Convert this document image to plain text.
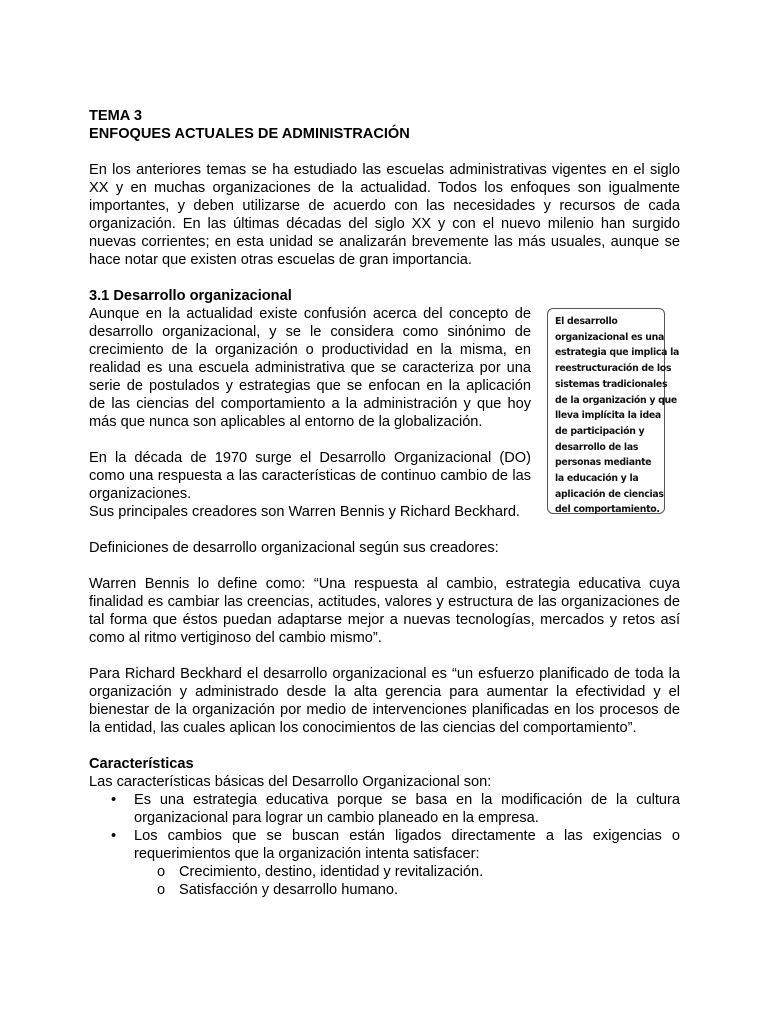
TEMA 3
ENFOQUES ACTUALES DE ADMINISTRACIÓN

En los anteriores temas se ha estudiado las escuelas administrativas vigentes en el siglo XX y en muchas organizaciones de la actualidad. Todos los enfoques son igualmente importantes, y deben utilizarse de acuerdo con las necesidades y recursos de cada organización. En las últimas décadas del siglo XX y con el nuevo milenio han surgido nuevas corrientes; en esta unidad se analizarán brevemente las más usuales, aunque se hace notar que existen otras escuelas de gran importancia.

3.1 Desarrollo organizacional

Aunque en la actualidad existe confusión acerca del concepto de desarrollo organizacional, y se le considera como sinónimo de crecimiento de la organización o productividad en la misma, en realidad es una escuela administrativa que se caracteriza por una serie de postulados y estrategias que se enfocan en la aplicación de las ciencias del comportamiento a la administración y que hoy más que nunca son aplicables al entorno de la globalización.

En la década de 1970 surge el Desarrollo Organizacional (DO) como una respuesta a las características de continuo cambio de las organizaciones.

Sus principales creadores son Warren Bennis y Richard Beckhard.

El desarrollo
organizacional es una
estrategia que implica la
reestructuración de los
sistemas tradicionales
de la organización y que
lleva implícita la idea
de participación y
desarrollo de las
personas mediante
la educación y la
aplicación de ciencias
del comportamiento.

Definiciones de desarrollo organizacional según sus creadores:

Warren Bennis lo define como: “Una respuesta al cambio, estrategia educativa cuya finalidad es cambiar las creencias, actitudes, valores y estructura de las organizaciones de tal forma que éstos puedan adaptarse mejor a nuevas tecnologías, mercados y retos así como al ritmo vertiginoso del cambio mismo”.

Para Richard Beckhard el desarrollo organizacional es “un esfuerzo planificado de toda la organización y administrado desde la alta gerencia para aumentar la efectividad y el bienestar de la organización por medio de intervenciones planificadas en los procesos de la entidad, las cuales aplican los conocimientos de las ciencias del comportamiento”.

Características
Las características básicas del Desarrollo Organizacional son:
• Es una estrategia educativa porque se basa en la modificación de la cultura organizacional para lograr un cambio planeado en la empresa.
• Los cambios que se buscan están ligados directamente a las exigencias o requerimientos que la organización intenta satisfacer:
o Crecimiento, destino, identidad y revitalización.
o Satisfacción y desarrollo humano.
